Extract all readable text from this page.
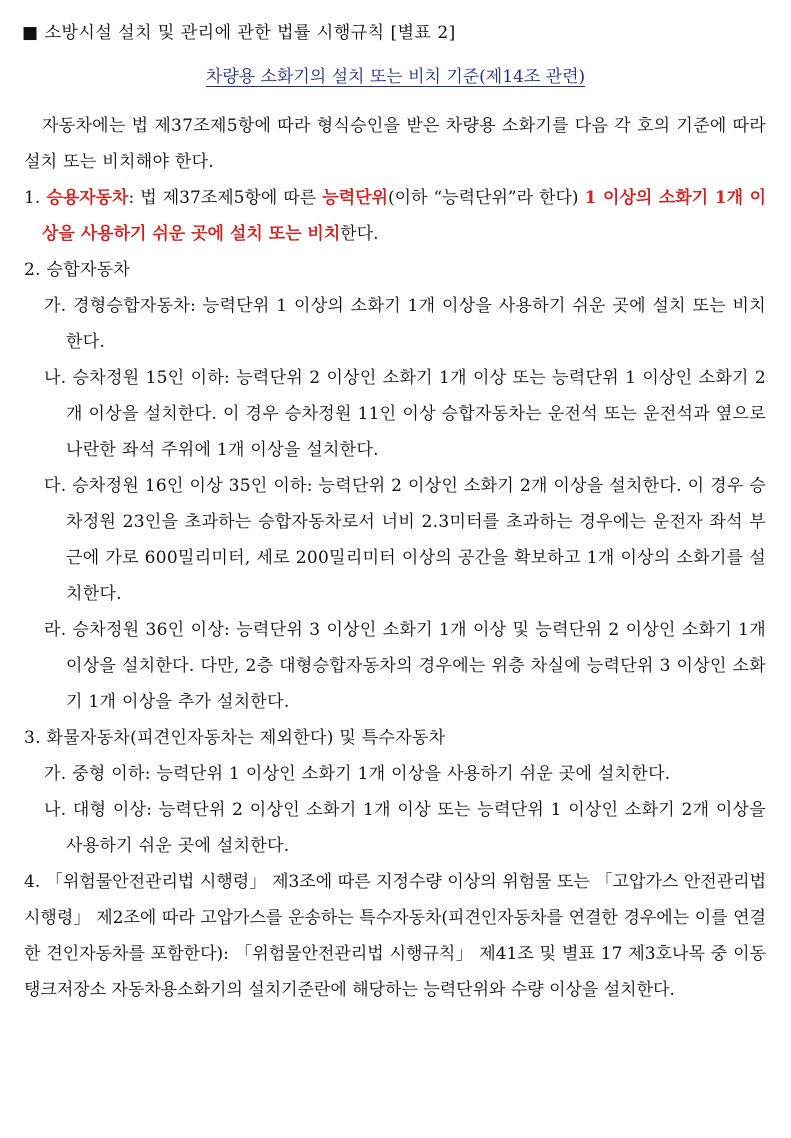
■ 소방시설 설치 및 관리에 관한 법률 시행규칙 [별표 2]
차량용 소화기의 설치 또는 비치 기준(제14조 관련)
자동차에는 법 제37조제5항에 따라 형식승인을 받은 차량용 소화기를 다음 각 호의 기준에 따라 설치 또는 비치해야 한다.
1. 승용자동차: 법 제37조제5항에 따른 능력단위(이하 “능력단위”라 한다) 1 이상의 소화기 1개 이상을 사용하기 쉬운 곳에 설치 또는 비치한다.
2. 승합자동차
가. 경형승합자동차: 능력단위 1 이상의 소화기 1개 이상을 사용하기 쉬운 곳에 설치 또는 비치한다.
나. 승차정원 15인 이하: 능력단위 2 이상인 소화기 1개 이상 또는 능력단위 1 이상인 소화기 2개 이상을 설치한다. 이 경우 승차정원 11인 이상 승합자동차는 운전석 또는 운전석과 옆으로 나란한 좌석 주위에 1개 이상을 설치한다.
다. 승차정원 16인 이상 35인 이하: 능력단위 2 이상인 소화기 2개 이상을 설치한다. 이 경우 승차정원 23인을 초과하는 승합자동차로서 너비 2.3미터를 초과하는 경우에는 운전자 좌석 부근에 가로 600밀리미터, 세로 200밀리미터 이상의 공간을 확보하고 1개 이상의 소화기를 설치한다.
라. 승차정원 36인 이상: 능력단위 3 이상인 소화기 1개 이상 및 능력단위 2 이상인 소화기 1개 이상을 설치한다. 다만, 2층 대형승합자동차의 경우에는 위층 차실에 능력단위 3 이상인 소화기 1개 이상을 추가 설치한다.
3. 화물자동차(피견인자동차는 제외한다) 및 특수자동차
가. 중형 이하: 능력단위 1 이상인 소화기 1개 이상을 사용하기 쉬운 곳에 설치한다.
나. 대형 이상: 능력단위 2 이상인 소화기 1개 이상 또는 능력단위 1 이상인 소화기 2개 이상을 사용하기 쉬운 곳에 설치한다.
4. 「위험물안전관리법 시행령」 제3조에 따른 지정수량 이상의 위험물 또는 「고압가스 안전관리법 시행령」 제2조에 따라 고압가스를 운송하는 특수자동차(피견인자동차를 연결한 경우에는 이를 연결한 견인자동차를 포함한다): 「위험물안전관리법 시행규칙」 제41조 및 별표 17 제3호나목 중 이동탱크저장소 자동차용소화기의 설치기준란에 해당하는 능력단위와 수량 이상을 설치한다.
